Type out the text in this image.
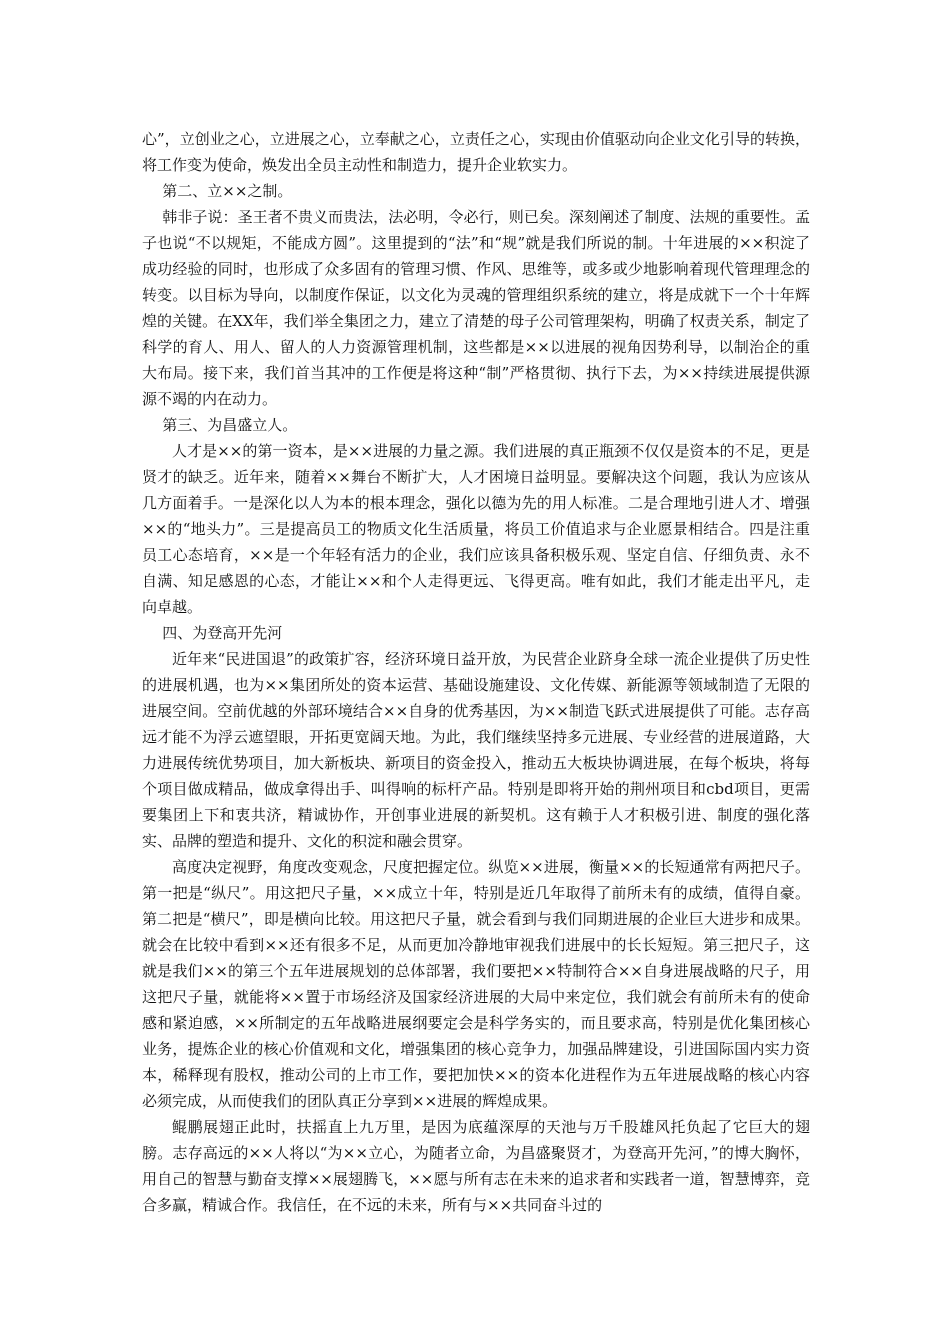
心”，立创业之心，立进展之心，立奉献之心，立责任之心，实现由价值驱动向企业文化引导的转换，将工作变为使命，焕发出全员主动性和制造力，提升企业软实力。

第二、立××之制。

韩非子说：圣王者不贵义而贵法，法必明，令必行，则已矣。深刻阐述了制度、法规的重要性。孟子也说“不以规矩，不能成方圆”。这里提到的“法”和“规”就是我们所说的制。十年进展的××积淀了成功经验的同时，也形成了众多固有的管理习惯、作风、思维等，或多或少地影响着现代管理理念的转变。以目标为导向，以制度作保证，以文化为灵魂的管理组织系统的建立，将是成就下一个十年辉煌的关键。在XX年，我们举全集团之力，建立了清楚的母子公司管理架构，明确了权责关系，制定了科学的育人、用人、留人的人力资源管理机制，这些都是××以进展的视角因势利导，以制治企的重大布局。接下来，我们首当其冲的工作便是将这种“制”严格贯彻、执行下去，为××持续进展提供源源不竭的内在动力。

第三、为昌盛立人。

人才是××的第一资本，是××进展的力量之源。我们进展的真正瓶颈不仅仅是资本的不足，更是贤才的缺乏。近年来，随着××舞台不断扩大，人才困境日益明显。要解决这个问题，我认为应该从几方面着手。一是深化以人为本的根本理念，强化以德为先的用人标准。二是合理地引进人才、增强××的“地头力”。三是提高员工的物质文化生活质量，将员工价值追求与企业愿景相结合。四是注重员工心态培育，××是一个年轻有活力的企业，我们应该具备积极乐观、坚定自信、仔细负责、永不自满、知足感恩的心态，才能让××和个人走得更远、飞得更高。唯有如此，我们才能走出平凡，走向卓越。

四、为登高开先河

近年来“民进国退”的政策扩容，经济环境日益开放，为民营企业跻身全球一流企业提供了历史性的进展机遇，也为××集团所处的资本运营、基础设施建设、文化传媒、新能源等领域制造了无限的进展空间。空前优越的外部环境结合××自身的优秀基因，为××制造飞跃式进展提供了可能。志存高远才能不为浮云遮望眼，开拓更宽阔天地。为此，我们继续坚持多元进展、专业经营的进展道路，大力进展传统优势项目，加大新板块、新项目的资金投入，推动五大板块协调进展，在每个板块，将每个项目做成精品，做成拿得出手、叫得响的标杆产品。特别是即将开始的荆州项目和cbd项目，更需要集团上下和衷共济，精诚协作，开创事业进展的新契机。这有赖于人才积极引进、制度的强化落实、品牌的塑造和提升、文化的积淀和融会贯穿。

高度决定视野，角度改变观念，尺度把握定位。纵览××进展，衡量××的长短通常有两把尺子。第一把是“纵尺”。用这把尺子量，××成立十年，特别是近几年取得了前所未有的成绩，值得自豪。第二把是“横尺”，即是横向比较。用这把尺子量，就会看到与我们同期进展的企业巨大进步和成果。就会在比较中看到××还有很多不足，从而更加冷静地审视我们进展中的长长短短。第三把尺子，这就是我们××的第三个五年进展规划的总体部署，我们要把××特制符合××自身进展战略的尺子，用这把尺子量，就能将××置于市场经济及国家经济进展的大局中来定位，我们就会有前所未有的使命感和紧迫感，××所制定的五年战略进展纲要定会是科学务实的，而且要求高，特别是优化集团核心业务，提炼企业的核心价值观和文化，增强集团的核心竞争力，加强品牌建设，引进国际国内实力资本，稀释现有股权，推动公司的上市工作，要把加快××的资本化进程作为五年进展战略的核心内容必须完成，从而使我们的团队真正分享到××进展的辉煌成果。

鲲鹏展翅正此时，扶摇直上九万里，是因为底蕴深厚的天池与万千股雄风托负起了它巨大的翅膀。志存高远的××人将以“为××立心，为随者立命，为昌盛聚贤才，为登高开先河，”的博大胸怀，用自己的智慧与勤奋支撑××展翅腾飞，××愿与所有志在未来的追求者和实践者一道，智慧博弈，竞合多赢，精诚合作。我信任，在不远的未来，所有与××共同奋斗过的
